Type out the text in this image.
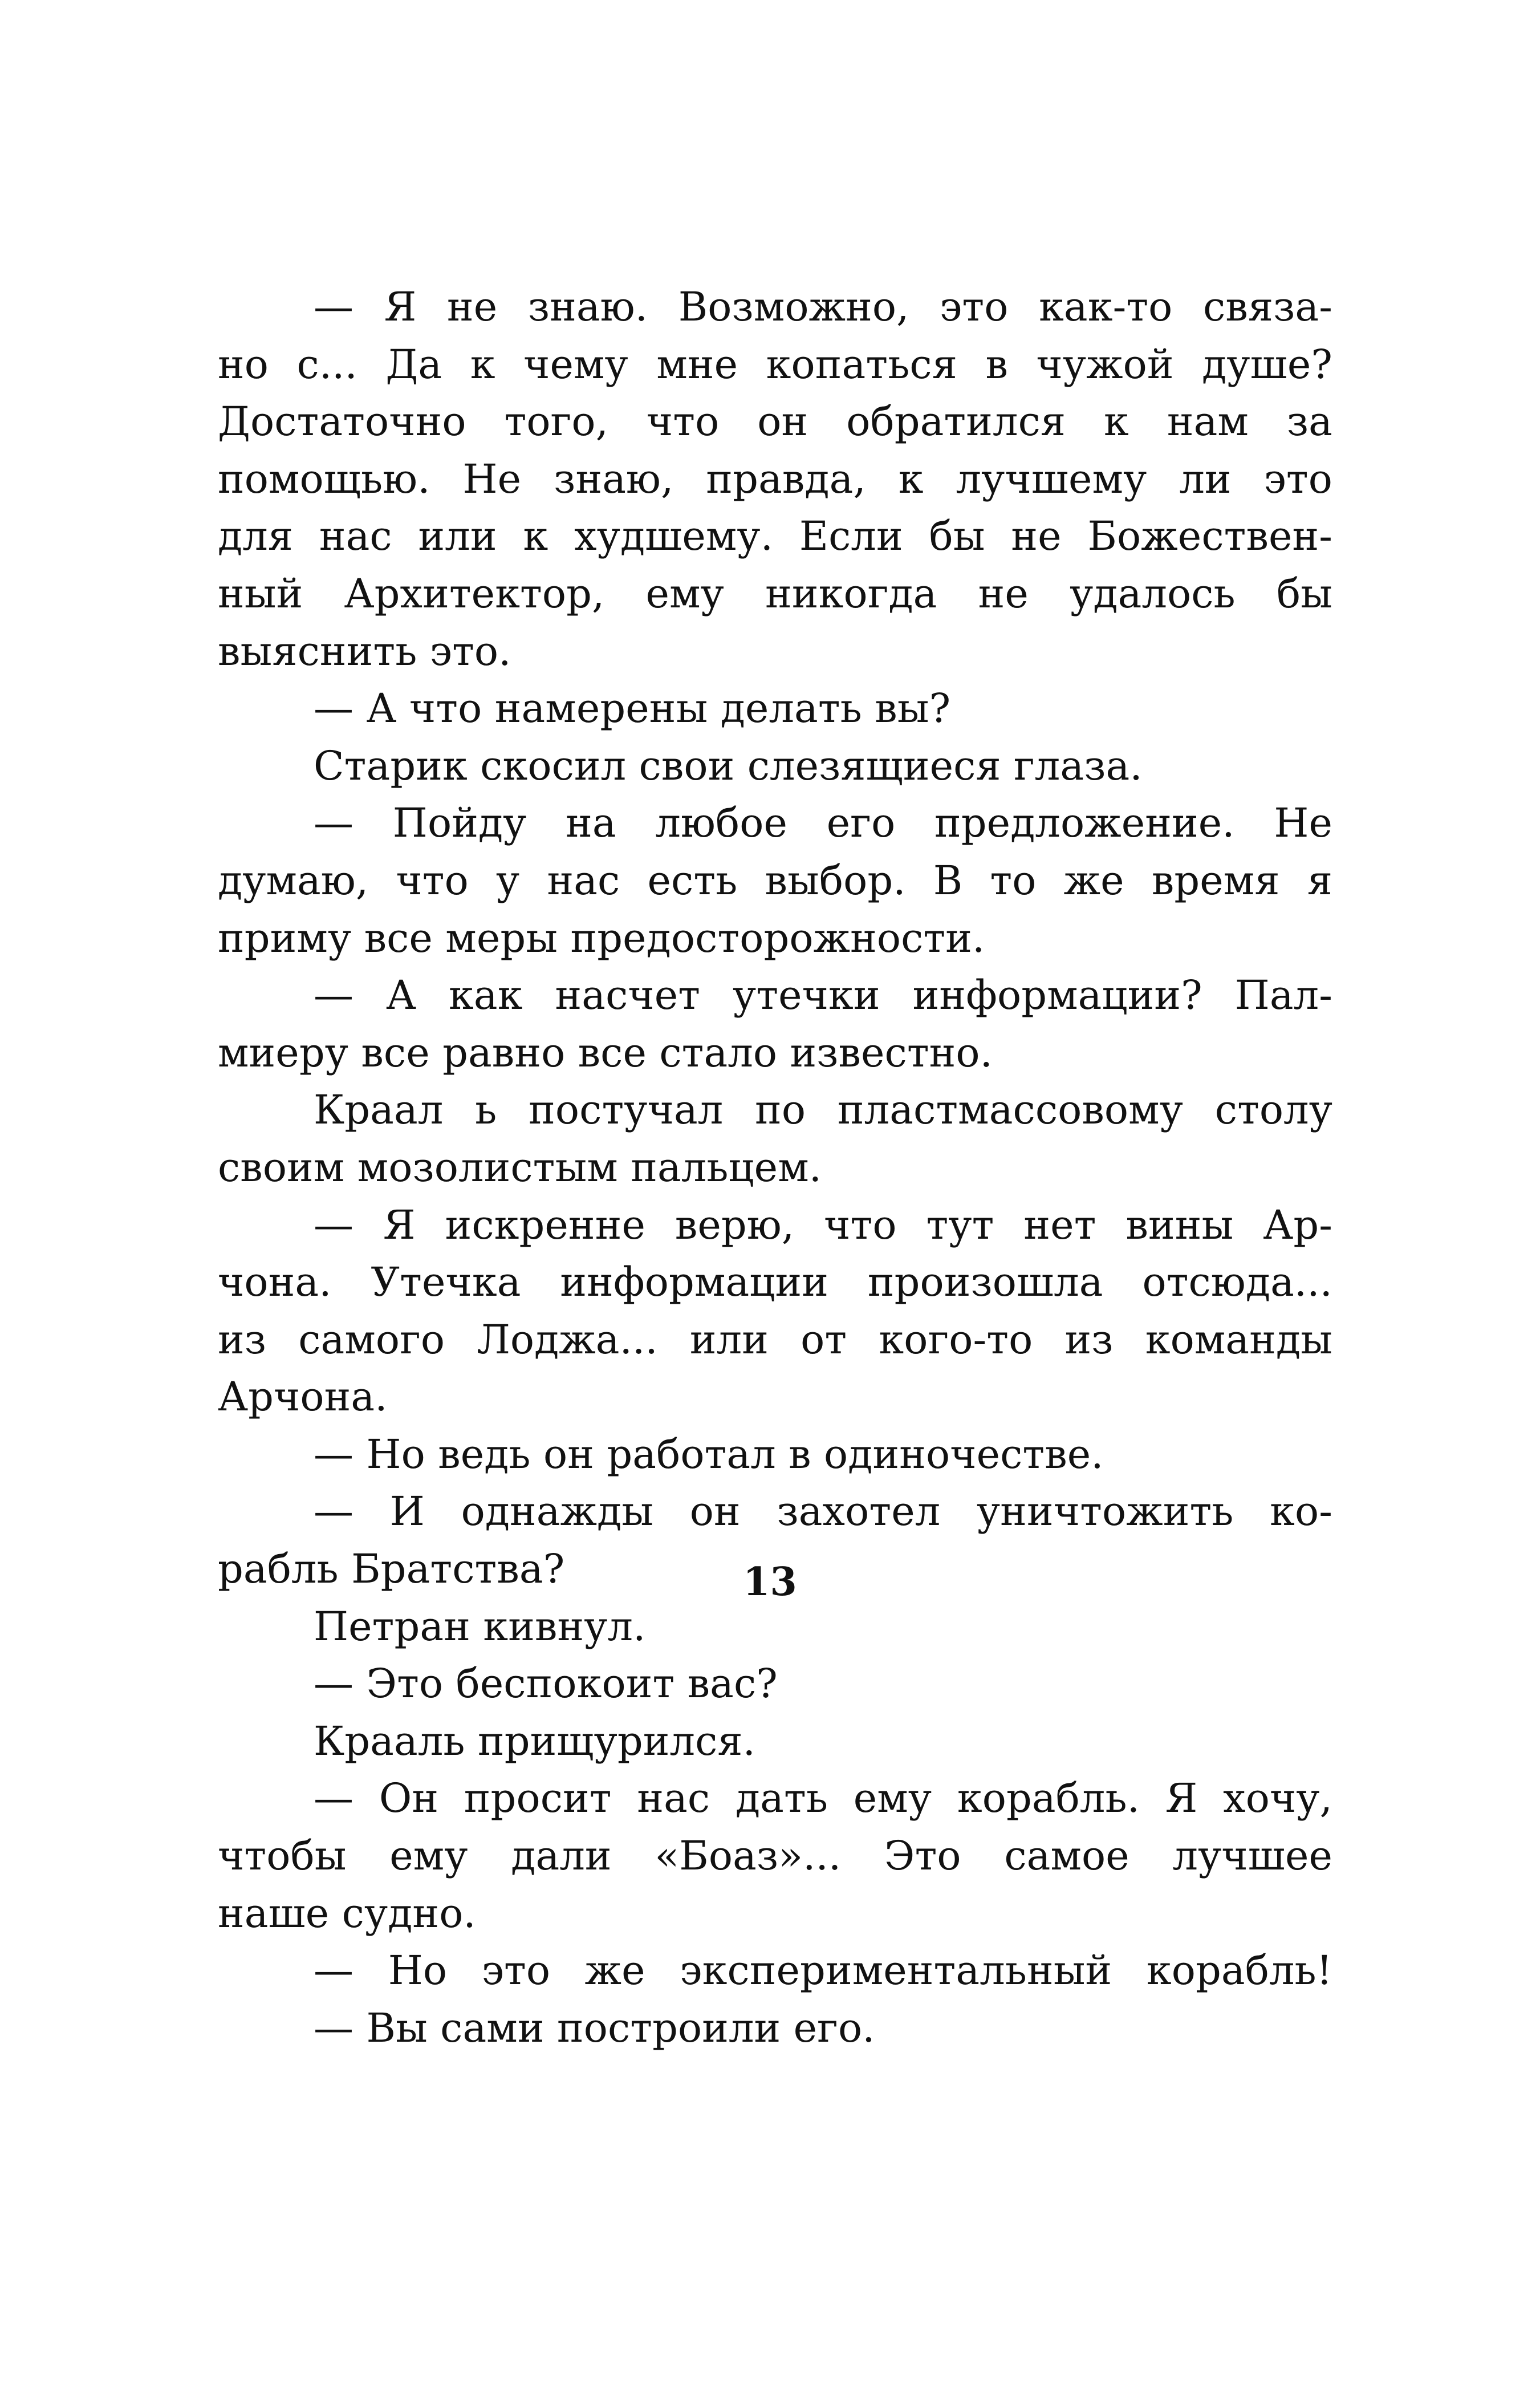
— Я не знаю. Возможно, это как-то связа-
но с... Да к чему мне копаться в чужой душе?
Достаточно того, что он обратился к нам за
помощью. Не знаю, правда, к лучшему ли это
для нас или к худшему. Если бы не Божествен-
ный Архитектор, ему никогда не удалось бы
выяснить это.
— А что намерены делать вы?
Старик скосил свои слезящиеся глаза.
— Пойду на любое его предложение. Не
думаю, что у нас есть выбор. В то же время я
приму все меры предосторожности.
— А как насчет утечки информации? Пал-
миеру все равно все стало известно.
Краал ь постучал по пластмассовому столу
своим мозолистым пальцем.
— Я искренне верю, что тут нет вины Ар-
чона. Утечка информации произошла отсюда...
из самого Лоджа... или от кого-то из команды
Арчона.
— Но ведь он работал в одиночестве.
— И однажды он захотел уничтожить ко-
рабль Братства?
Петран кивнул.
— Это беспокоит вас?
Крааль прищурился.
— Он просит нас дать ему корабль. Я хочу,
чтобы ему дали «Боаз»... Это самое лучшее
наше судно.
— Но это же экспериментальный корабль!
— Вы сами построили его.
13
